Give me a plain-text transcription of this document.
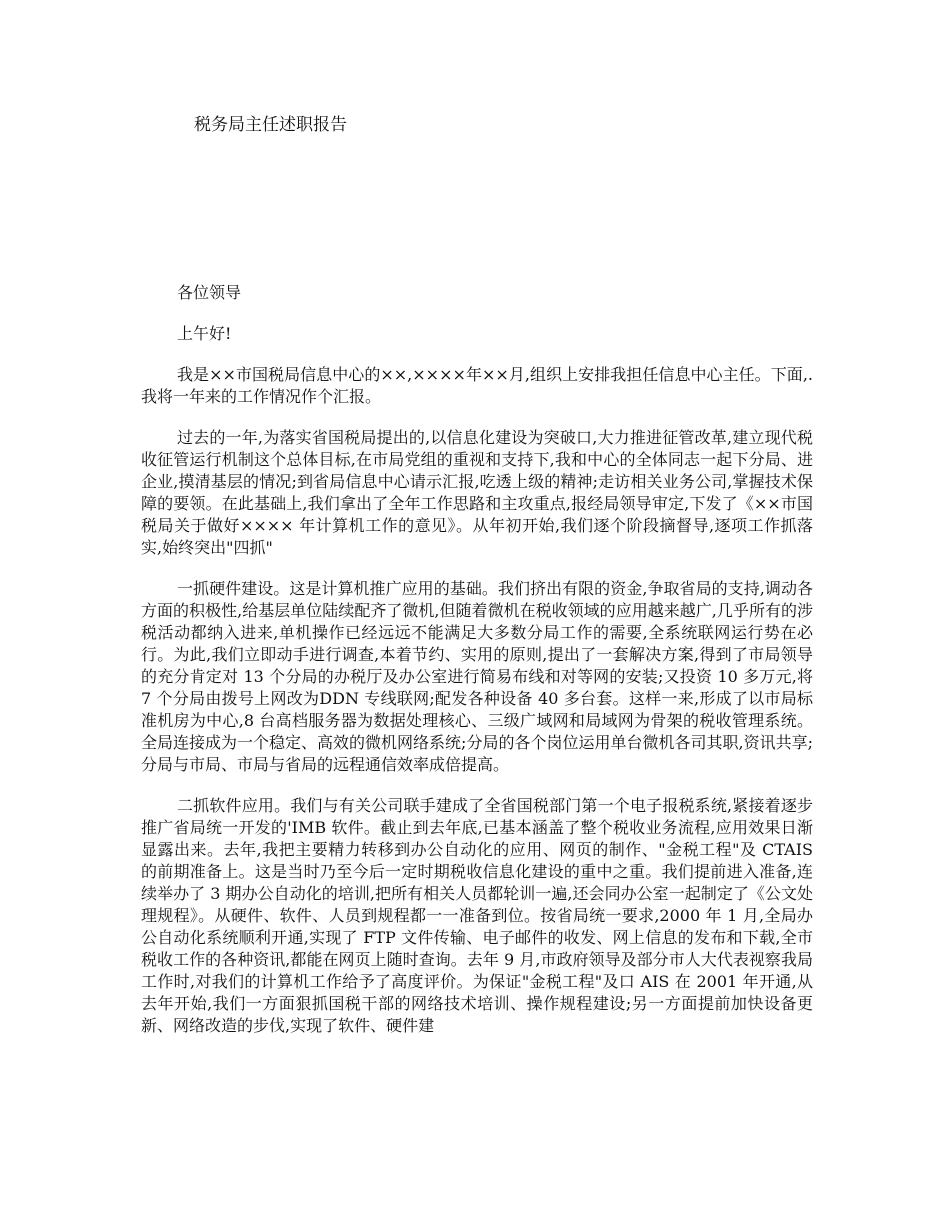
税务局主任述职报告

各位领导

上午好!

我是××市国税局信息中心的××,××××年××月,组织上安排我担任信息中心主任。下面,.我将一年来的工作情况作个汇报。

过去的一年,为落实省国税局提出的,以信息化建设为突破口,大力推进征管改革,建立现代税收征管运行机制这个总体目标,在市局党组的重视和支持下,我和中心的全体同志一起下分局、进企业,摸清基层的情况;到省局信息中心请示汇报,吃透上级的精神;走访相关业务公司,掌握技术保障的要领。在此基础上,我们拿出了全年工作思路和主攻重点,报经局领导审定,下发了《××市国税局关于做好×××× 年计算机工作的意见》。从年初开始,我们逐个阶段摘督导,逐项工作抓落实,始终突出"四抓"

一抓硬件建设。这是计算机推广应用的基础。我们挤出有限的资金,争取省局的支持,调动各方面的积极性,给基层单位陆续配齐了微机,但随着微机在税收领域的应用越来越广,几乎所有的涉税活动都纳入进来,单机操作已经远远不能满足大多数分局工作的需要,全系统联网运行势在必行。为此,我们立即动手进行调查,本着节约、实用的原则,提出了一套解决方案,得到了市局领导的充分肯定对 13 个分局的办税厅及办公室进行简易布线和对等网的安装;又投资 10 多万元,将 7 个分局由拨号上网改为DDN 专线联网;配发各种设备 40 多台套。这样一来,形成了以市局标准机房为中心,8 台高档服务器为数据处理核心、三级广域网和局域网为骨架的税收管理系统。全局连接成为一个稳定、高效的微机网络系统;分局的各个岗位运用单台微机各司其职,资讯共享;分局与市局、市局与省局的远程通信效率成倍提高。

二抓软件应用。我们与有关公司联手建成了全省国税部门第一个电子报税系统,紧接着逐步推广省局统一开发的'IMB 软件。截止到去年底,已基本涵盖了整个税收业务流程,应用效果日渐显露出来。去年,我把主要精力转移到办公自动化的应用、网页的制作、"金税工程"及 CTAIS 的前期准备上。这是当时乃至今后一定时期税收信息化建设的重中之重。我们提前进入准备,连续举办了 3 期办公自动化的培训,把所有相关人员都轮训一遍,还会同办公室一起制定了《公文处理规程》。从硬件、软件、人员到规程都一一准备到位。按省局统一要求,2000 年 1 月,全局办公自动化系统顺利开通,实现了 FTP 文件传输、电子邮件的收发、网上信息的发布和下载,全市税收工作的各种资讯,都能在网页上随时查询。去年 9 月,市政府领导及部分市人大代表视察我局工作时,对我们的计算机工作给予了高度评价。为保证"金税工程"及口 AIS 在 2001 年开通,从去年开始,我们一方面狠抓国税干部的网络技术培训、操作规程建设;另一方面提前加快设备更新、网络改造的步伐,实现了软件、硬件建
